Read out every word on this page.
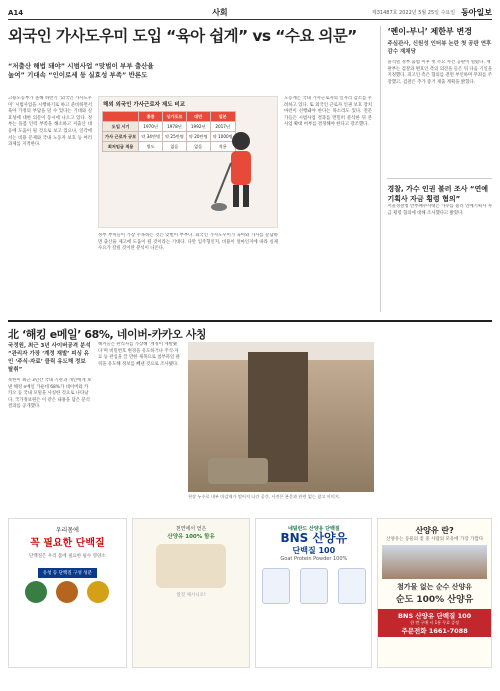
A14	사회	제31487호 2022년 5월 25일 수요일 동아일보
외국인 가사도우미 도입 “육아 쉽게” vs “수요 의문”
“저출산 해법 돼야” 시범사업 “맞벌이 부부 출산율 높여” 기대속 “인이로세 등 실효성 부족” 반론도
고용노동부가 올해 하반기 ‘외국인 가사도우미’ 시범사업을 시행하기로 하고 준비하면서 육아 가정의 부담을 덜 수 있다는 기대와 실효성에 대한 의문이 동시에 나오고 있다. 정부는 돌봄 인력 부족을 해소하고 저출산 대응에 도움이 될 것으로 보고 있으나, 일각에서는 비용 문제와 국내 노동자 보호 등 여러 과제를 지적한다.
해외 외국인 가사근로자 제도 비교
	홍콩	싱가포르	대만	일본
도입 시기	1970년	1978년	1992년	2017년
가사 근로자 규모	약 34만명	약 25만명	약 20만명	약 1000명
최저임금 적용	별도	없음	없음	적용
정부 부처들이 가장 주목하는 것은 맞벌이 부부다. 외국인 가사도우미가 육아와 가사를 분담하면 출산율 제고에 도움이 될 것이라는 기대다. 다만 입주형인지, 비용이 얼마인지에 따라 실제 수요가 갈릴 것이란 분석이 나온다.
노동계는 국내 가사근로자의 일자리 감소를 우려하고 있다. 또 외국인 근로자 인권 보호 장치 마련이 선행돼야 한다는 목소리도 있다. 전문가들은 시범사업 결과를 면밀히 분석한 뒤 본사업 확대 여부를 결정해야 한다고 강조했다.
‘롄이-부니’ 제한부 변경
주심관사, 신원성 인터뷰 논란 첫 공판 연후 감수 재채당
윤석열 정부 출범 이후 첫 주요 사건 공판이 열렸다. 재판부는 검찰과 변호인 측의 의견을 들은 뒤 다음 기일을 지정했다. 피고인 측은 혐의를 전면 부인하며 무죄를 주장했고, 검찰은 추가 증거 제출 계획을 밝혔다.
경찰, 가수 인권 불러 조사 “연예기획사 자금 횡령 혐의”
서울경찰청 반부패수사대는 가수를 불러 연예기획사 자금 횡령 혐의에 대해 조사했다고 밝혔다.
北 ‘해킹 e메일’ 68%, 네이버-카카오 사칭
국정원, 최근 3년 사이버공격 분석 “관리자 가장 ‘계정 재발’ 피싱 유인 ‘주식·자료’ 클릭 유도해 정보 탈취”
북한이 최근 3년간 국내 기관과 개인에게 보낸 해킹 e메일 가운데 68%가 네이버와 카카오 등 국내 포털을 사칭한 것으로 나타났다. 국가정보원은 이 같은 내용을 담은 분석 결과를 공개했다.
해커들은 관리자를 가장해 ‘계정이 재발됐다’며 비밀번호 변경을 유도하거나 주식·자료 등 관심을 끌 만한 제목으로 첨부파일 클릭을 유도해 정보를 빼낸 것으로 조사됐다.
천장 누수로 내부 마감재가 떨어져 나간 공간. 사진은 본문과 관련 없는 참고 이미지.
우리몸에
꼭 필요한 단백질
단백질은 우리 몸에 필요한 필수 영양소
유청 등 단백질 구성 성분

천연에서 얻은
산양유 100% 함유
알것 제시니오!
네덜란드 산양유 단백질
BNS 산양유
단백질 100
Goat Protein Powder 100%
산양유 란?
산양유는 동물의 젖 중 사람의 모유에 가장 가깝다
첨가물 없는 순수 산양유
순도 100% 산양유
BNS 산양유 단백질 100
한 번 구매 시 1통 무료 증정
주문전화 1661-7088
